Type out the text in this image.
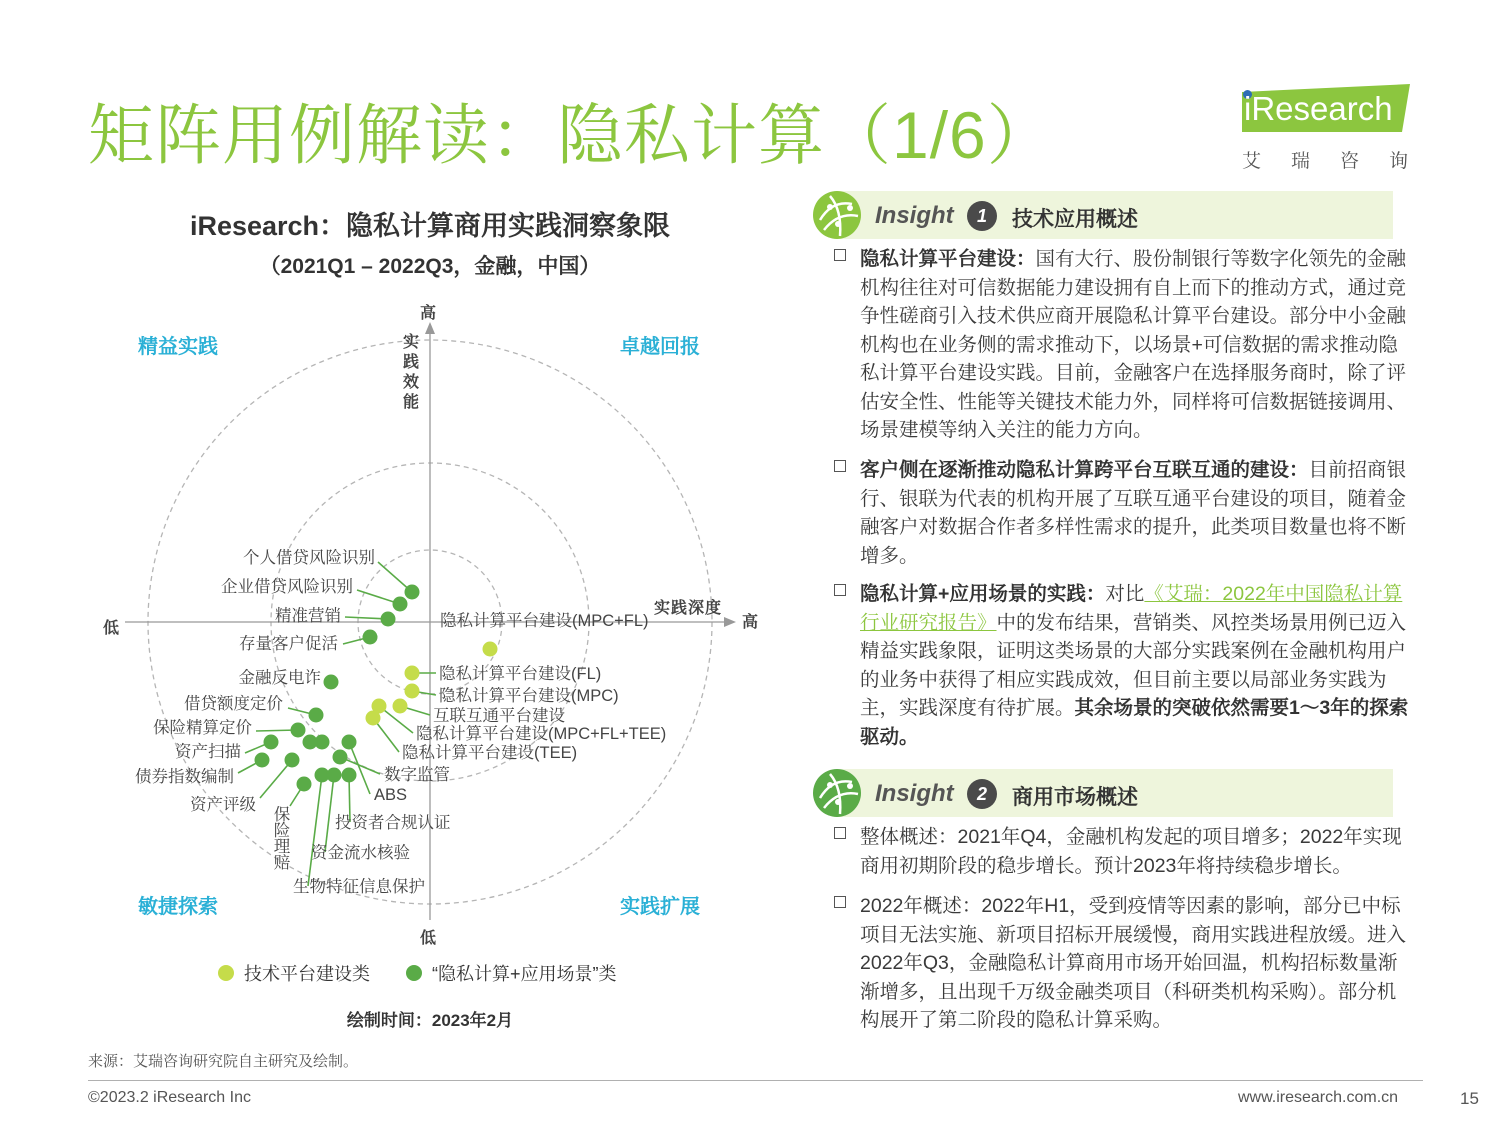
矩阵用例解读：隐私计算（1/6）	iResearch
艾瑞咨询
iResearch：隐私计算商用实践洞察象限
（2021Q1 – 2022Q3，金融，中国）
隐私计算平台建设(MPC+FL)
隐私计算平台建设(FL)
隐私计算平台建设(MPC)
互联互通平台建设
隐私计算平台建设(MPC+FL+TEE)
隐私计算平台建设(TEE)
个人借贷风险识别
企业借贷风险识别
精准营销
存量客户促活
金融反电诈
借贷额度定价
保险精算定价
资产扫描
债券指数编制
资产评级
保
险
理
赔
生物特征信息保护
资金流水核验
投资者合规认证
数字监管
ABS
精益实践	卓越回报
敏捷探索	实践扩展
高
低
低	高
实
践
效
能
实践深度
技术平台建设类	“隐私计算+应用场景”类
绘制时间：2023年2月
Insight	1	技术应用概述
隐私计算平台建设：国有大行、股份制银行等数字化领先的金融机构往往对可信数据能力建设拥有自上而下的推动方式，通过竞争性磋商引入技术供应商开展隐私计算平台建设。部分中小金融机构也在业务侧的需求推动下，以场景+可信数据的需求推动隐私计算平台建设实践。目前，金融客户在选择服务商时，除了评估安全性、性能等关键技术能力外，同样将可信数据链接调用、场景建模等纳入关注的能力方向。
客户侧在逐渐推动隐私计算跨平台互联互通的建设：目前招商银行、银联为代表的机构开展了互联互通平台建设的项目，随着金融客户对数据合作者多样性需求的提升，此类项目数量也将不断增多。
隐私计算+应用场景的实践：对比《艾瑞：2022年中国隐私计算行业研究报告》中的发布结果，营销类、风控类场景用例已迈入精益实践象限，证明这类场景的大部分实践案例在金融机构用户的业务中获得了相应实践成效，但目前主要以局部业务实践为主，实践深度有待扩展。其余场景的突破依然需要1～3年的探索驱动。
Insight	2	商用市场概述
整体概述：2021年Q4，金融机构发起的项目增多；2022年实现商用初期阶段的稳步增长。预计2023年将持续稳步增长。
2022年概述：2022年H1，受到疫情等因素的影响，部分已中标项目无法实施、新项目招标开展缓慢，商用实践进程放缓。进入2022年Q3，金融隐私计算商用市场开始回温，机构招标数量渐渐增多，且出现千万级金融类项目（科研类机构采购）。部分机构展开了第二阶段的隐私计算采购。
来源：艾瑞咨询研究院自主研究及绘制。
©2023.2 iResearch Inc	www.iresearch.com.cn	15
